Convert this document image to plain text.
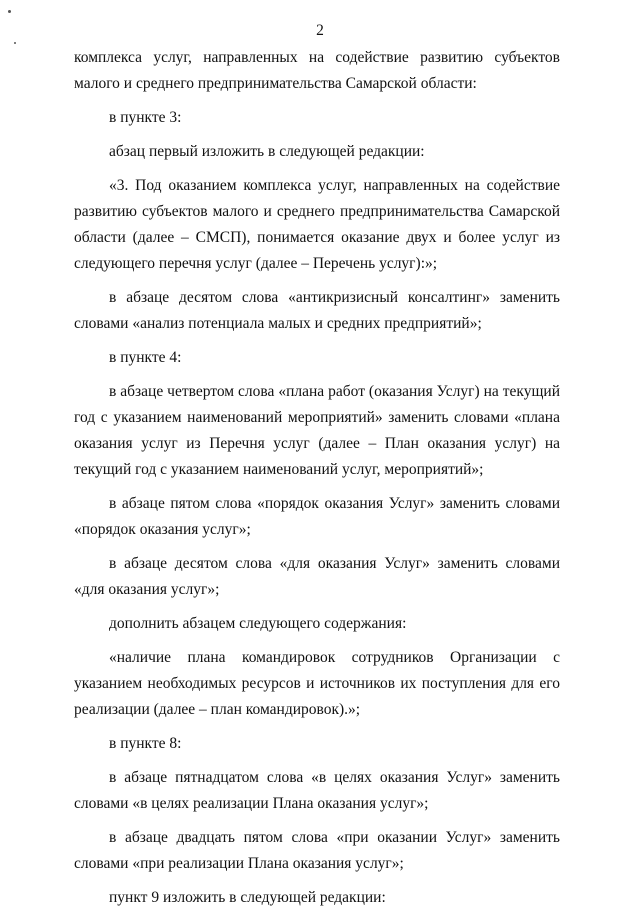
2

комплекса услуг, направленных на содействие развитию субъектов малого и среднего предпринимательства Самарской области:

в пункте 3:

абзац первый изложить в следующей редакции:

«3. Под оказанием комплекса услуг, направленных на содействие развитию субъектов малого и среднего предпринимательства Самарской области (далее – СМСП), понимается оказание двух и более услуг из следующего перечня услуг (далее – Перечень услуг):»;

в абзаце десятом слова «антикризисный консалтинг» заменить словами «анализ потенциала малых и средних предприятий»;

в пункте 4:

в абзаце четвертом слова «плана работ (оказания Услуг) на текущий год с указанием наименований мероприятий» заменить словами «плана оказания услуг из Перечня услуг (далее – План оказания услуг) на текущий год с указанием наименований услуг, мероприятий»;

в абзаце пятом слова «порядок оказания Услуг» заменить словами «порядок оказания услуг»;

в абзаце десятом слова «для оказания Услуг» заменить словами «для оказания услуг»;

дополнить абзацем следующего содержания:

«наличие плана командировок сотрудников Организации с указанием необходимых ресурсов и источников их поступления для его реализации (далее – план командировок).»;

в пункте 8:

в абзаце пятнадцатом слова «в целях оказания Услуг» заменить словами «в целях реализации Плана оказания услуг»;

в абзаце двадцать пятом слова «при оказании Услуг» заменить словами «при реализации Плана оказания услуг»;

пункт 9 изложить в следующей редакции:
